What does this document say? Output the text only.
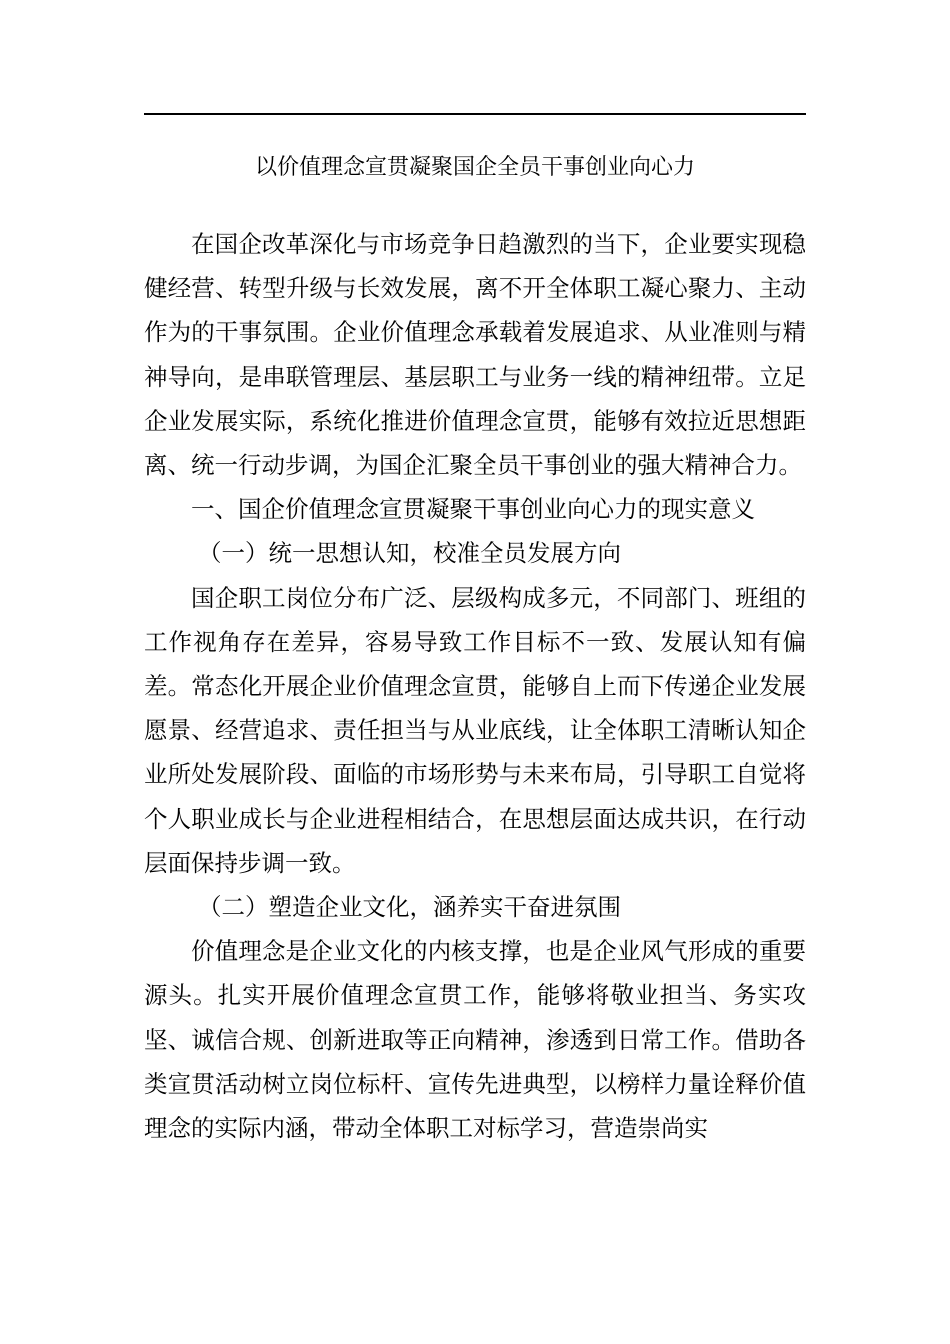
以价值理念宣贯凝聚国企全员干事创业向心力

在国企改革深化与市场竞争日趋激烈的当下，企业要实现稳健经营、转型升级与长效发展，离不开全体职工凝心聚力、主动作为的干事氛围。企业价值理念承载着发展追求、从业准则与精神导向，是串联管理层、基层职工与业务一线的精神纽带。立足企业发展实际，系统化推进价值理念宣贯，能够有效拉近思想距离、统一行动步调，为国企汇聚全员干事创业的强大精神合力。

一、国企价值理念宣贯凝聚干事创业向心力的现实意义

（一）统一思想认知，校准全员发展方向

国企职工岗位分布广泛、层级构成多元，不同部门、班组的工作视角存在差异，容易导致工作目标不一致、发展认知有偏差。常态化开展企业价值理念宣贯，能够自上而下传递企业发展愿景、经营追求、责任担当与从业底线，让全体职工清晰认知企业所处发展阶段、面临的市场形势与未来布局，引导职工自觉将个人职业成长与企业进程相结合，在思想层面达成共识，在行动层面保持步调一致。

（二）塑造企业文化，涵养实干奋进氛围

价值理念是企业文化的内核支撑，也是企业风气形成的重要源头。扎实开展价值理念宣贯工作，能够将敬业担当、务实攻坚、诚信合规、创新进取等正向精神，渗透到日常工作。借助各类宣贯活动树立岗位标杆、宣传先进典型，以榜样力量诠释价值理念的实际内涵，带动全体职工对标学习，营造崇尚实
